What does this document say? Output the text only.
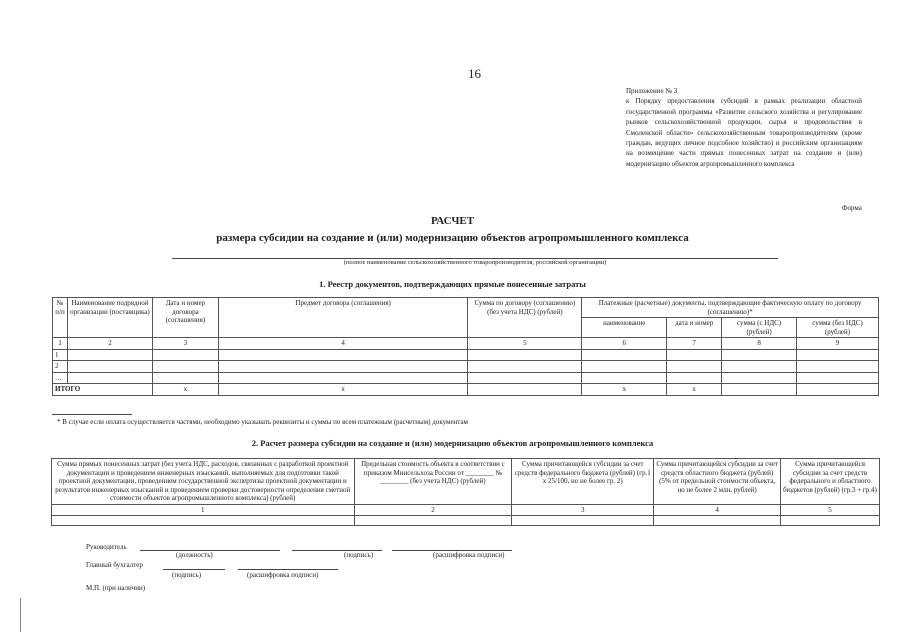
16
Приложение № 3
к Порядку предоставления субсидий в рамках реализации областной государственной программы «Развитие сельского хозяйства и регулирование рынков сельскохозяйственной продукции, сырья и продовольствия в Смоленской области» сельскохозяйственным товаропроизводителям (кроме граждан, ведущих личное подсобное хозяйство) и российским организациям на возмещение части прямых понесенных затрат на создание и (или) модернизацию объектов агропромышленного комплекса
Форма
РАСЧЕТ
размера субсидии на создание и (или) модернизацию объектов агропромышленного комплекса
(полное наименование сельскохозяйственного товаропроизводителя, российской организации)
1. Реестр документов, подтверждающих прямые понесенные затраты
№ п/п	Наименование подрядной организации (поставщика)	Дата и номер договора (соглашения)	Предмет договора (соглашения)	Сумма по договору (соглашению) (без учета НДС) (рублей)	Платежные (расчетные) документы, подтверждающие фактическую оплату по договору (соглашению)*			
					наименование	дата и номер	сумма (с НДС) (рублей)	сумма (без НДС) (рублей)
1	2	3	4	5	6	7	8	9
1								
2								
…								
ИТОГО		х	х		х	х		
* В случае если оплата осуществляется частями, необходимо указывать реквизиты и суммы по всем платежным (расчетным) документам
2. Расчет размера субсидии на создание и (или) модернизацию объектов агропромышленного комплекса
Сумма прямых понесенных затрат (без учета НДС, расходов, связанных с разработкой проектной документации и проведением инженерных изысканий, выполняемых для подготовки такой проектной документации, проведением государственной экспертизы проектной документации и результатов инженерных изысканий и проведением проверки достоверности определения сметной стоимости объектов агропромышленного комплекса) (рублей)	Предельная стоимость объекта в соответствии с приказом Минсельхоза России от ________ № ________ (без учета НДС) (рублей)	Сумма причитающейся субсидии за счет средств федерального бюджета (рублей) (гр.1 х 25/100, но не более гр. 2)	Сумма причитающейся субсидии за счет средств областного бюджета (рублей) (5% от предельной стоимости объекта, но не более 2 млн. рублей)	Сумма причитающейся субсидии за счет средств федерального и областного бюджетов (рублей) (гр.3 + гр.4)
1	2	3	4	5

Руководитель
(должность)	(подпись)	(расшифровка подписи)
Главный бухгалтер
(подпись)	(расшифровка подписи)
М.П. (при наличии)
